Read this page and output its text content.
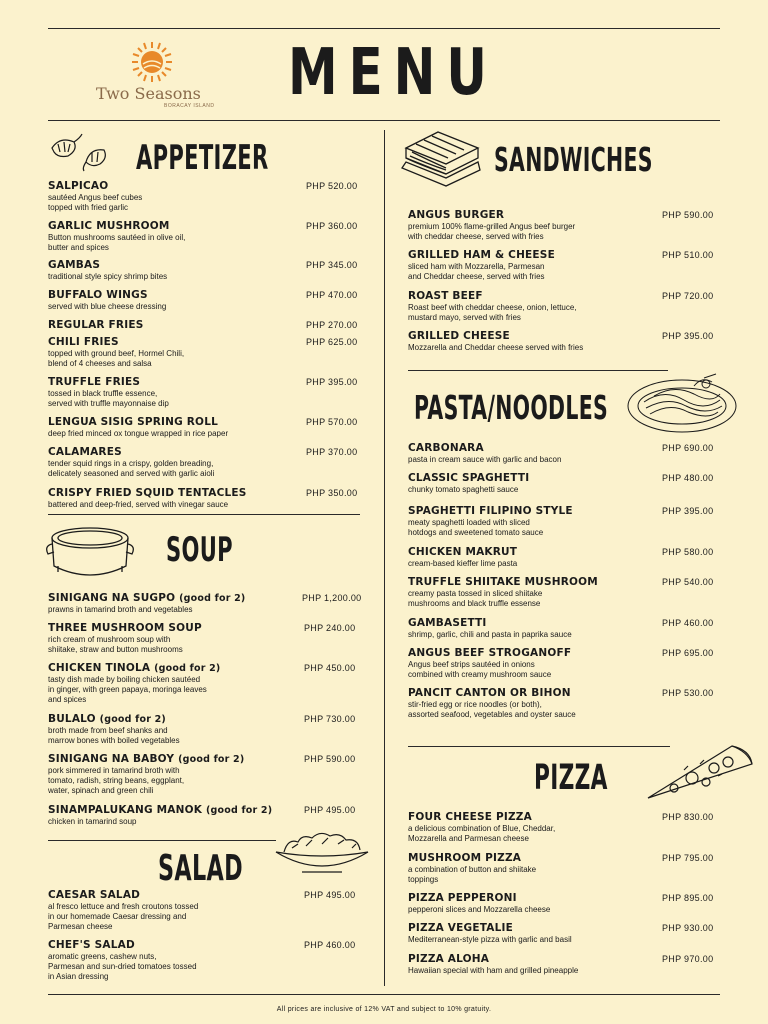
Two Seasons
BORACAY ISLAND MENU
APPETIZER	SANDWICHES
PASTA/NOODLES
SOUP
SALAD
PIZZA
SALPICAO
sautéed Angus beef cubes
topped with fried garlic
PHP 520.00
GARLIC MUSHROOM
Button mushrooms sautéed in olive oil,
butter and spices
PHP 360.00
GAMBAS
traditional style spicy shrimp bites
PHP 345.00
BUFFALO WINGS
served with blue cheese dressing
PHP 470.00
REGULAR FRIES	PHP 270.00
CHILI FRIES
topped with ground beef, Hormel Chili,
blend of 4 cheeses and salsa
PHP 625.00
TRUFFLE FRIES
tossed in black truffle essence,
served with truffle mayonnaise dip
PHP 395.00
LENGUA SISIG SPRING ROLL
deep fried minced ox tongue wrapped in rice paper
PHP 570.00
CALAMARES
tender squid rings in a crispy, golden breading,
delicately seasoned and served with garlic aioli
PHP 370.00
CRISPY FRIED SQUID TENTACLES
battered and deep-fried, served with vinegar sauce
PHP 350.00
SINIGANG NA SUGPO (good for 2)
prawns in tamarind broth and vegetables
PHP 1,200.00
THREE MUSHROOM SOUP
rich cream of mushroom soup with
shiitake, straw and button mushrooms
PHP 240.00
CHICKEN TINOLA (good for 2)
tasty dish made by boiling chicken sautéed
in ginger, with green papaya, moringa leaves
and spices
PHP 450.00
BULALO (good for 2)
broth made from beef shanks and
marrow bones with boiled vegetables
PHP 730.00
SINIGANG NA BABOY (good for 2)
pork simmered in tamarind broth with
tomato, radish, string beans, eggplant,
water, spinach and green chili
PHP 590.00
SINAMPALUKANG MANOK (good for 2)
chicken in tamarind soup
PHP 495.00
CAESAR SALAD
al fresco lettuce and fresh croutons tossed
in our homemade Caesar dressing and
Parmesan cheese
PHP 495.00
CHEF'S SALAD
aromatic greens, cashew nuts,
Parmesan and sun-dried tomatoes tossed
in Asian dressing
PHP 460.00
ANGUS BURGER
premium 100% flame-grilled Angus beef burger
with cheddar cheese, served with fries
PHP 590.00
GRILLED HAM & CHEESE
sliced ham with Mozzarella, Parmesan
and Cheddar cheese, served with fries
PHP 510.00
ROAST BEEF
Roast beef with cheddar cheese, onion, lettuce,
mustard mayo, served with fries
PHP 720.00
GRILLED CHEESE
Mozzarella and Cheddar cheese served with fries
PHP 395.00
CARBONARA
pasta in cream sauce with garlic and bacon
PHP 690.00
CLASSIC SPAGHETTI
chunky tomato spaghetti sauce
PHP 480.00
SPAGHETTI FILIPINO STYLE
meaty spaghetti loaded with sliced
hotdogs and sweetened tomato sauce
PHP 395.00
CHICKEN MAKRUT
cream-based kieffer lime pasta
PHP 580.00
TRUFFLE SHIITAKE MUSHROOM
creamy pasta tossed in sliced shiitake
mushrooms and black truffle essense
PHP 540.00
GAMBASETTI
shrimp, garlic, chili and pasta in paprika sauce
PHP 460.00
ANGUS BEEF STROGANOFF
Angus beef strips sautéed in onions
combined with creamy mushroom sauce
PHP 695.00
PANCIT CANTON OR BIHON
stir-fried egg or rice noodles (or both),
assorted seafood, vegetables and oyster sauce
PHP 530.00
FOUR CHEESE PIZZA
a delicious combination of Blue, Cheddar,
Mozzarella and Parmesan cheese
PHP 830.00
MUSHROOM PIZZA
a combination of button and shiitake
toppings
PHP 795.00
PIZZA PEPPERONI
pepperoni slices and Mozzarella cheese
PHP 895.00
PIZZA VEGETALIE
Mediterranean-style pizza with garlic and basil
PHP 930.00
PIZZA ALOHA
Hawaiian special with ham and grilled pineapple
PHP 970.00
All prices are inclusive of 12% VAT and subject to 10% gratuity.
